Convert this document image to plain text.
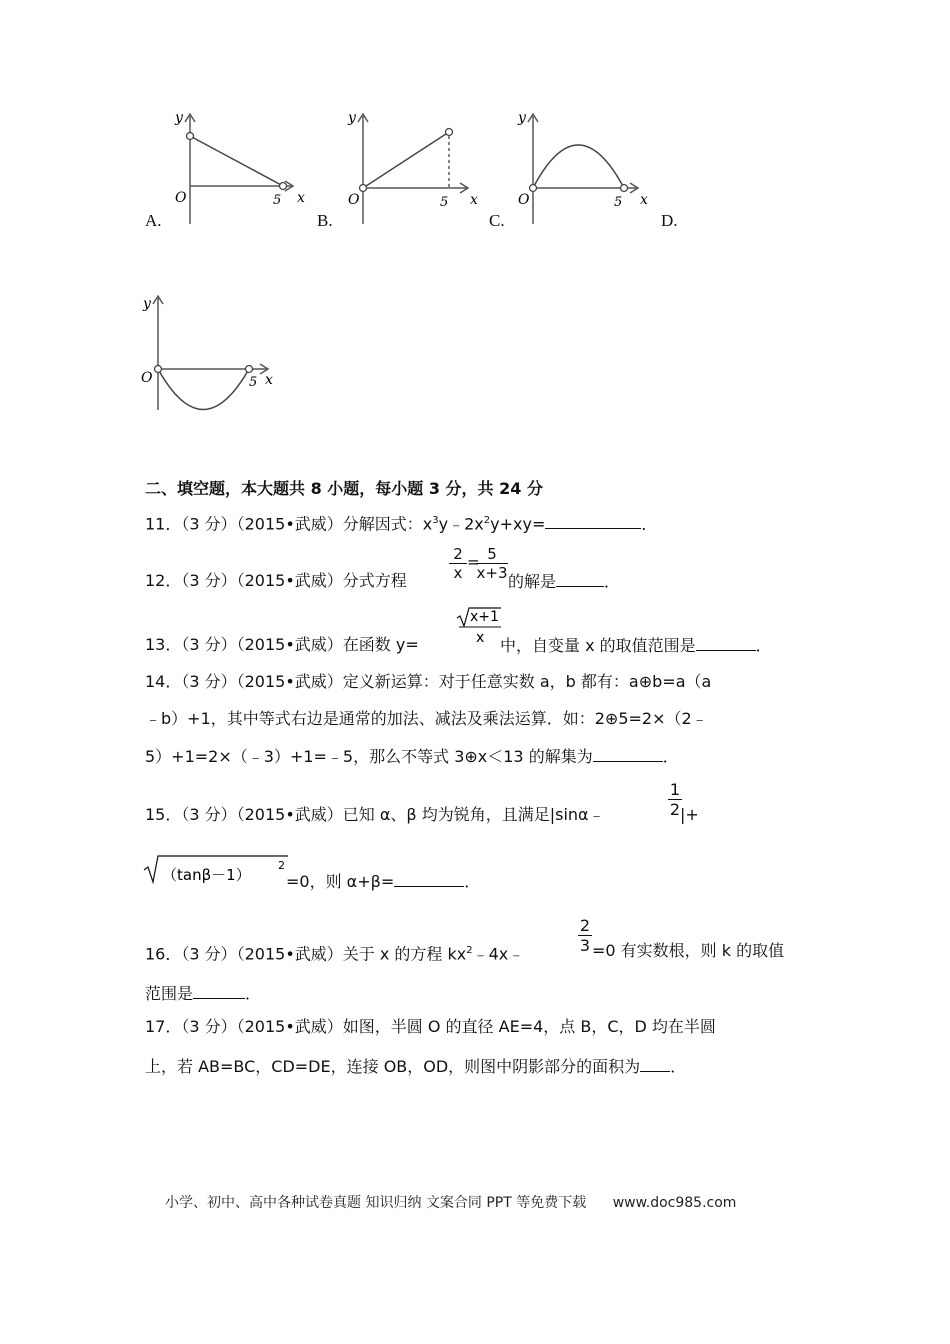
y
O	5 x
A.
y
O	5 x
B.
y
O	5 x
C.	D.
y
O	5 x
二、填空题，本大题共 8 小题，每小题 3 分，共 24 分
11．（3 分）（2015•武威）分解因式：$x^3y﹣2x^2y+xy=$	．
12．（3 分）（2015•武威）分式方程	$\frac{2}{x}$ =
$\frac{5}{x+3}$ 的解是	．
13．（3 分）（2015•武威）在函数 y=
x+1
x 中，自变量 x 的取值范围是	．
14．（3 分）（2015•武威）定义新运算：对于任意实数 a，b 都有：a⊕b=a（a
﹣b）+1，其中等式右边是通常的加法、减法及乘法运算．如：2⊕5=2×（2﹣
5）+1=2×（﹣3）+1=﹣5，那么不等式 3⊕x＜13 的解集为	．
15．（3 分）（2015•武威）已知 α、β 均为锐角，且满足|sinα﹣	$\frac{1}{2}$
|+
（tanβ－1）
2
=0，则 α+β=	．
16．（3 分）（2015•武威）关于 x 的方程 $kx^2﹣4x﹣$	$\frac{2}{3} =0$ 有实数根，则 k 的取值
范围是	．
17．（3 分）（2015•武威）如图，半圆 O 的直径 AE=4，点 B，C，D 均在半圆
上，若 AB=BC，CD=DE，连接 OB，OD，则图中阴影部分的面积为 ．
小学、初中、高中各种试卷真题 知识归纳 文案合同 PPT 等免费下载 www.doc985.com
